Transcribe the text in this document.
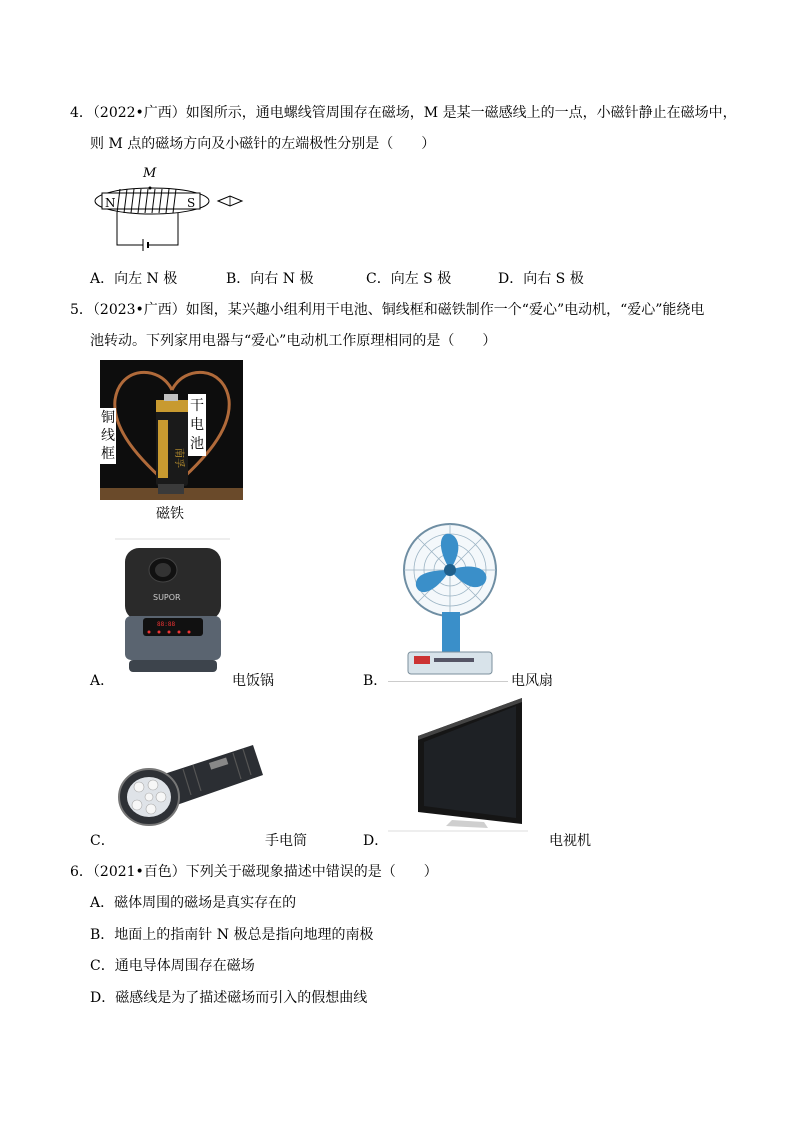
4．（2022•广西）如图所示，通电螺线管周围存在磁场，M 是某一磁感线上的一点，小磁针静止在磁场中，
则 M 点的磁场方向及小磁针的左端极性分别是（　　）
M
N	S
A．向左 N 极	B．向右 N 极	C．向左 S 极	D．向右 S 极
5．（2023•广西）如图，某兴趣小组利用干电池、铜线框和磁铁制作一个“爱心”电动机，“爱心”能绕电
池转动。下列家用电器与“爱心”电动机工作原理相同的是（　　）
南孚
铜
线
框
干
电
池
磁铁
SUPOR
88:88
A．	电饭锅	B．	电风扇
C．	手电筒	D．	电视机
6．（2021•百色）下列关于磁现象描述中错误的是（　　）
A．磁体周围的磁场是真实存在的
B．地面上的指南针 N 极总是指向地理的南极
C．通电导体周围存在磁场
D．磁感线是为了描述磁场而引入的假想曲线
